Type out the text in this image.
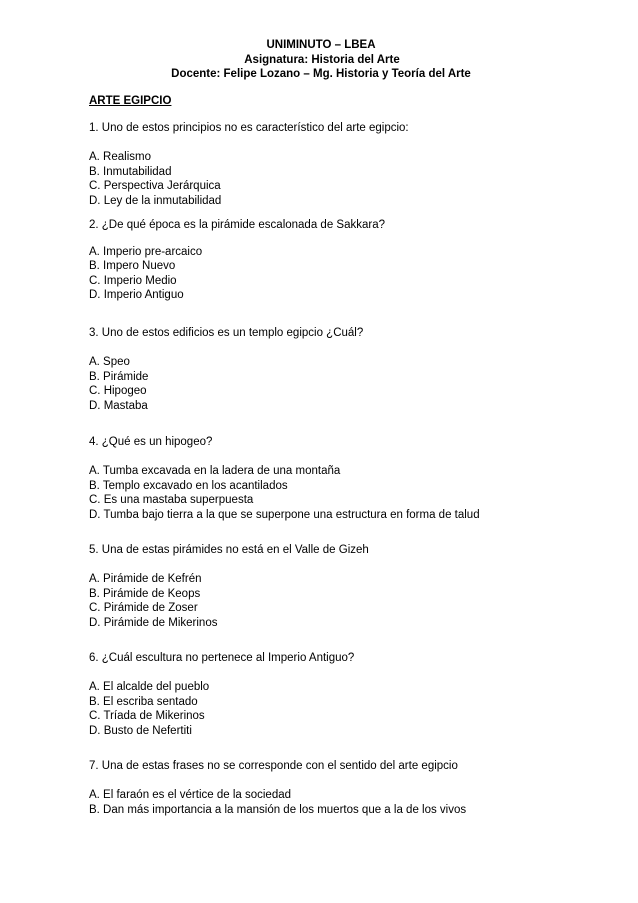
UNIMINUTO – LBEA
Asignatura: Historia del Arte
Docente: Felipe Lozano – Mg. Historia y Teoría del Arte
ARTE EGIPCIO
1. Uno de estos principios no es característico del arte egipcio:
A. Realismo
B. Inmutabilidad
C. Perspectiva Jerárquica
D. Ley de la inmutabilidad
2. ¿De qué época es la pirámide escalonada de Sakkara?
A. Imperio pre-arcaico
B. Impero Nuevo
C. Imperio Medio
D. Imperio Antiguo
3. Uno de estos edificios es un templo egipcio ¿Cuál?
A. Speo
B. Pirámide
C. Hipogeo
D. Mastaba
4. ¿Qué es un hipogeo?
A. Tumba excavada en la ladera de una montaña
B. Templo excavado en los acantilados
C. Es una mastaba superpuesta
D. Tumba bajo tierra a la que se superpone una estructura en forma de talud
5. Una de estas pirámides no está en el Valle de Gizeh
A. Pirámide de Kefrén
B. Pirámide de Keops
C. Pirámide de Zoser
D. Pirámide de Mikerinos
6. ¿Cuál escultura no pertenece al Imperio Antiguo?
A. El alcalde del pueblo
B. El escriba sentado
C. Tríada de Mikerinos
D. Busto de Nefertiti
7. Una de estas frases no se corresponde con el sentido del arte egipcio
A. El faraón es el vértice de la sociedad
B. Dan más importancia a la mansión de los muertos que a la de los vivos
